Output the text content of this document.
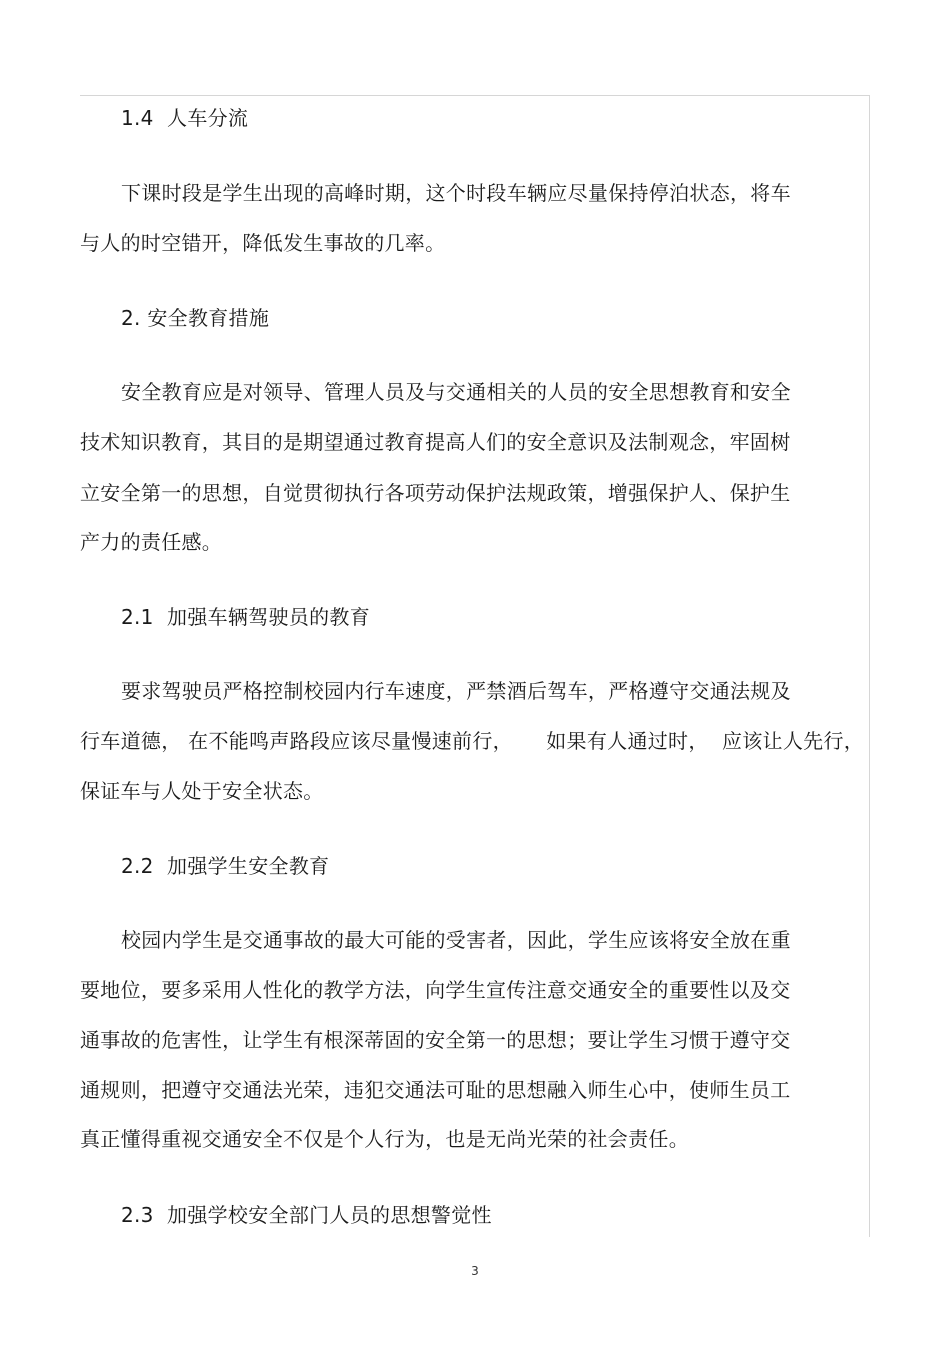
1.4  人车分流
下课时段是学生出现的高峰时期，这个时段车辆应尽量保持停泊状态，将车
与人的时空错开，降低发生事故的几率。
2. 安全教育措施
安全教育应是对领导、管理人员及与交通相关的人员的安全思想教育和安全
技术知识教育，其目的是期望通过教育提高人们的安全意识及法制观念，牢固树
立安全第一的思想，自觉贯彻执行各项劳动保护法规政策，增强保护人、保护生
产力的责任感。
2.1  加强车辆驾驶员的教育
要求驾驶员严格控制校园内行车速度，严禁酒后驾车，严格遵守交通法规及
行车道德， 在不能鸣声路段应该尽量慢速前行，     如果有人通过时，  应该让人先行，
保证车与人处于安全状态。
2.2  加强学生安全教育
校园内学生是交通事故的最大可能的受害者，因此，学生应该将安全放在重
要地位，要多采用人性化的教学方法，向学生宣传注意交通安全的重要性以及交
通事故的危害性，让学生有根深蒂固的安全第一的思想；要让学生习惯于遵守交
通规则，把遵守交通法光荣，违犯交通法可耻的思想融入师生心中，使师生员工
真正懂得重视交通安全不仅是个人行为，也是无尚光荣的社会责任。
2.3  加强学校安全部门人员的思想警觉性
3
